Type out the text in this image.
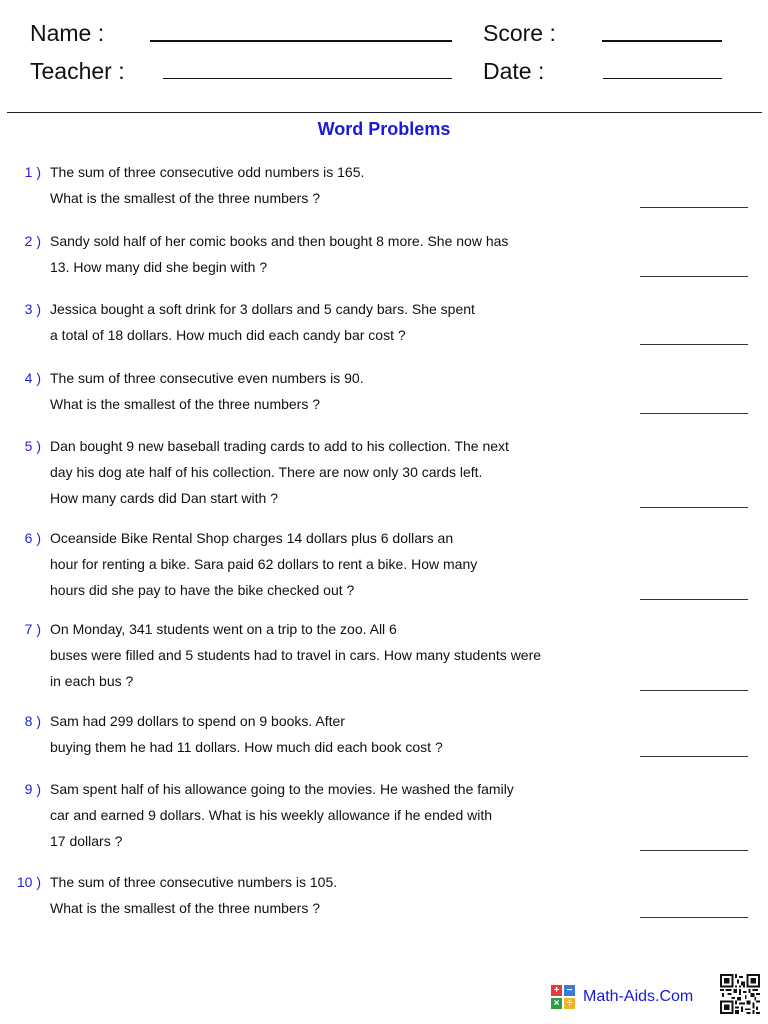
Name :
Teacher :
Score :
Date :
Word Problems
1 ) The sum of three consecutive odd numbers is 165.
What is the smallest of the three numbers ?
2 ) Sandy sold half of her comic books and then bought 8 more. She now has
13. How many did she begin with ?
3 ) Jessica bought a soft drink for 3 dollars and 5 candy bars. She spent
a total of 18 dollars. How much did each candy bar cost ?
4 ) The sum of three consecutive even numbers is 90.
What is the smallest of the three numbers ?
5 ) Dan bought 9 new baseball trading cards to add to his collection. The next
day his dog ate half of his collection. There are now only 30 cards left.
How many cards did Dan start with ?
6 ) Oceanside Bike Rental Shop charges 14 dollars plus 6 dollars an
hour for renting a bike. Sara paid 62 dollars to rent a bike. How many
hours did she pay to have the bike checked out ?
7 ) On Monday, 341 students went on a trip to the zoo. All 6
buses were filled and 5 students had to travel in cars. How many students were
in each bus ?
8 ) Sam had 299 dollars to spend on 9 books. After
buying them he had 11 dollars. How much did each book cost ?
9 ) Sam spent half of his allowance going to the movies. He washed the family
car and earned 9 dollars. What is his weekly allowance if he ended with
17 dollars ?
10 ) The sum of three consecutive numbers is 105.
What is the smallest of the three numbers ?
+ −
× ÷ Math-Aids.Com
